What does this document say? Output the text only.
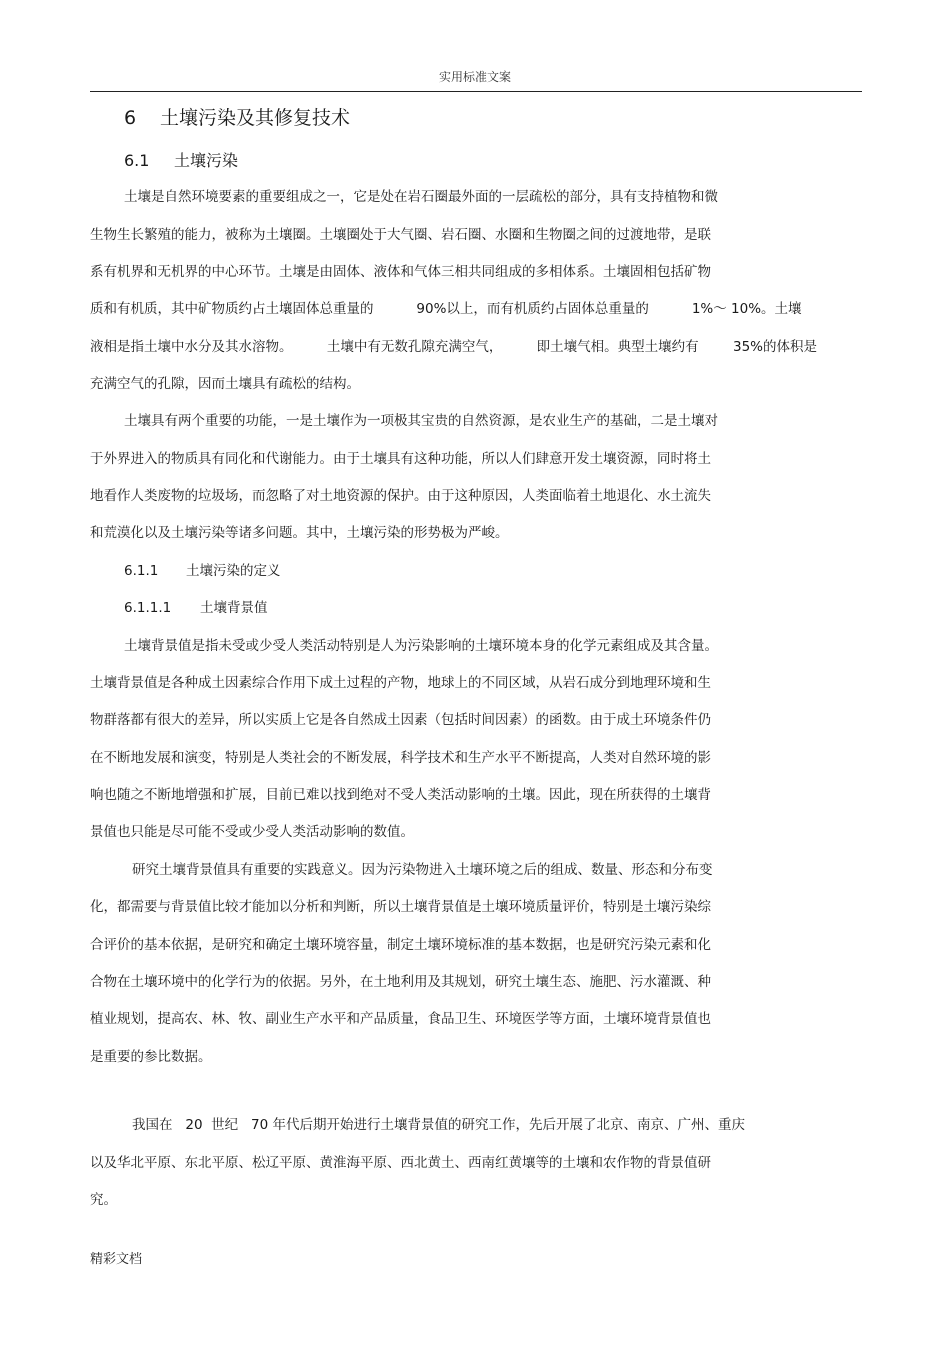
实用标准文案
6 土壤污染及其修复技术
6.1 土壤污染
土壤是自然环境要素的重要组成之一，它是处在岩石圈最外面的一层疏松的部分，具有支持植物和微
生物生长繁殖的能力，被称为土壤圈。土壤圈处于大气圈、岩石圈、水圈和生物圈之间的过渡地带，是联
系有机界和无机界的中心环节。土壤是由固体、液体和气体三相共同组成的多相体系。土壤固相包括矿物
质和有机质，其中矿物质约占土壤固体总重量的          90%以上，而有机质约占固体总重量的          1%～ 10%。土壤
液相是指土壤中水分及其水溶物。        土壤中有无数孔隙充满空气，        即土壤气相。典型土壤约有        35%的体积是
充满空气的孔隙，因而土壤具有疏松的结构。
土壤具有两个重要的功能，一是土壤作为一项极其宝贵的自然资源，是农业生产的基础，二是土壤对
于外界进入的物质具有同化和代谢能力。由于土壤具有这种功能，所以人们肆意开发土壤资源，同时将土
地看作人类废物的垃圾场，而忽略了对土地资源的保护。由于这种原因，人类面临着土地退化、水土流失
和荒漠化以及土壤污染等诸多问题。其中，土壤污染的形势极为严峻。
6.1.1 土壤污染的定义
6.1.1.1 土壤背景值
土壤背景值是指未受或少受人类活动特别是人为污染影响的土壤环境本身的化学元素组成及其含量。
土壤背景值是各种成土因素综合作用下成土过程的产物，地球上的不同区域，从岩石成分到地理环境和生
物群落都有很大的差异，所以实质上它是各自然成土因素（包括时间因素）的函数。由于成土环境条件仍
在不断地发展和演变，特别是人类社会的不断发展，科学技术和生产水平不断提高，人类对自然环境的影
响也随之不断地增强和扩展，目前已难以找到绝对不受人类活动影响的土壤。因此，现在所获得的土壤背
景值也只能是尽可能不受或少受人类活动影响的数值。
研究土壤背景值具有重要的实践意义。因为污染物进入土壤环境之后的组成、数量、形态和分布变
化，都需要与背景值比较才能加以分析和判断，所以土壤背景值是土壤环境质量评价，特别是土壤污染综
合评价的基本依据，是研究和确定土壤环境容量，制定土壤环境标准的基本数据，也是研究污染元素和化
合物在土壤环境中的化学行为的依据。另外，在土地利用及其规划，研究土壤生态、施肥、污水灌溉、种
植业规划，提高农、林、牧、副业生产水平和产品质量，食品卫生、环境医学等方面，土壤环境背景值也
是重要的参比数据。
我国在   20  世纪   70 年代后期开始进行土壤背景值的研究工作，先后开展了北京、南京、广州、重庆
以及华北平原、东北平原、松辽平原、黄淮海平原、西北黄土、西南红黄壤等的土壤和农作物的背景值研
究。
精彩文档
